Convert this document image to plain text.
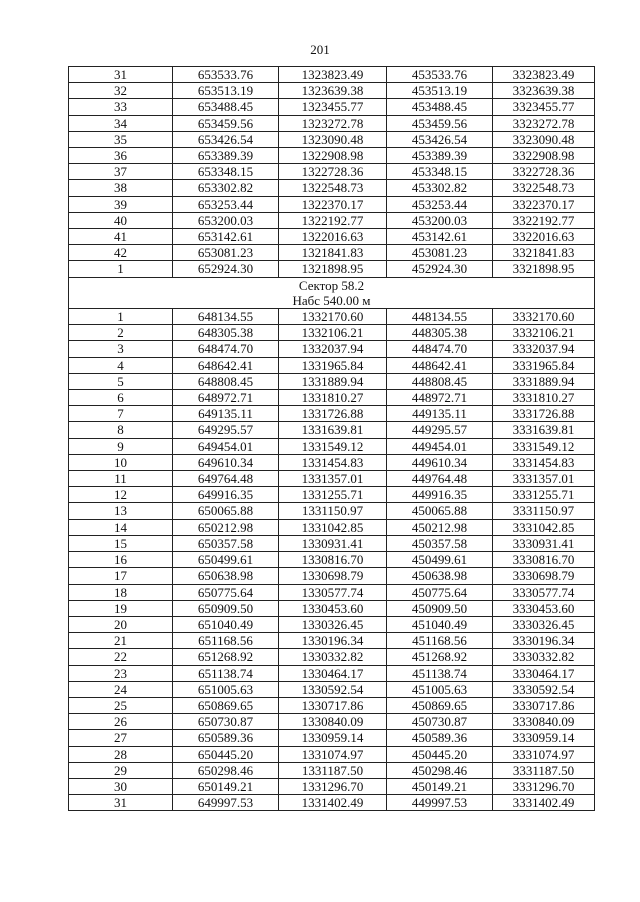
201
31	653533.76	1323823.49	453533.76	3323823.49
32	653513.19	1323639.38	453513.19	3323639.38
33	653488.45	1323455.77	453488.45	3323455.77
34	653459.56	1323272.78	453459.56	3323272.78
35	653426.54	1323090.48	453426.54	3323090.48
36	653389.39	1322908.98	453389.39	3322908.98
37	653348.15	1322728.36	453348.15	3322728.36
38	653302.82	1322548.73	453302.82	3322548.73
39	653253.44	1322370.17	453253.44	3322370.17
40	653200.03	1322192.77	453200.03	3322192.77
41	653142.61	1322016.63	453142.61	3322016.63
42	653081.23	1321841.83	453081.23	3321841.83
1	652924.30	1321898.95	452924.30	3321898.95
Сектор 58.2				
Набс 540.00 м				
1	648134.55	1332170.60	448134.55	3332170.60
2	648305.38	1332106.21	448305.38	3332106.21
3	648474.70	1332037.94	448474.70	3332037.94
4	648642.41	1331965.84	448642.41	3331965.84
5	648808.45	1331889.94	448808.45	3331889.94
6	648972.71	1331810.27	448972.71	3331810.27
7	649135.11	1331726.88	449135.11	3331726.88
8	649295.57	1331639.81	449295.57	3331639.81
9	649454.01	1331549.12	449454.01	3331549.12
10	649610.34	1331454.83	449610.34	3331454.83
11	649764.48	1331357.01	449764.48	3331357.01
12	649916.35	1331255.71	449916.35	3331255.71
13	650065.88	1331150.97	450065.88	3331150.97
14	650212.98	1331042.85	450212.98	3331042.85
15	650357.58	1330931.41	450357.58	3330931.41
16	650499.61	1330816.70	450499.61	3330816.70
17	650638.98	1330698.79	450638.98	3330698.79
18	650775.64	1330577.74	450775.64	3330577.74
19	650909.50	1330453.60	450909.50	3330453.60
20	651040.49	1330326.45	451040.49	3330326.45
21	651168.56	1330196.34	451168.56	3330196.34
22	651268.92	1330332.82	451268.92	3330332.82
23	651138.74	1330464.17	451138.74	3330464.17
24	651005.63	1330592.54	451005.63	3330592.54
25	650869.65	1330717.86	450869.65	3330717.86
26	650730.87	1330840.09	450730.87	3330840.09
27	650589.36	1330959.14	450589.36	3330959.14
28	650445.20	1331074.97	450445.20	3331074.97
29	650298.46	1331187.50	450298.46	3331187.50
30	650149.21	1331296.70	450149.21	3331296.70
31	649997.53	1331402.49	449997.53	3331402.49
